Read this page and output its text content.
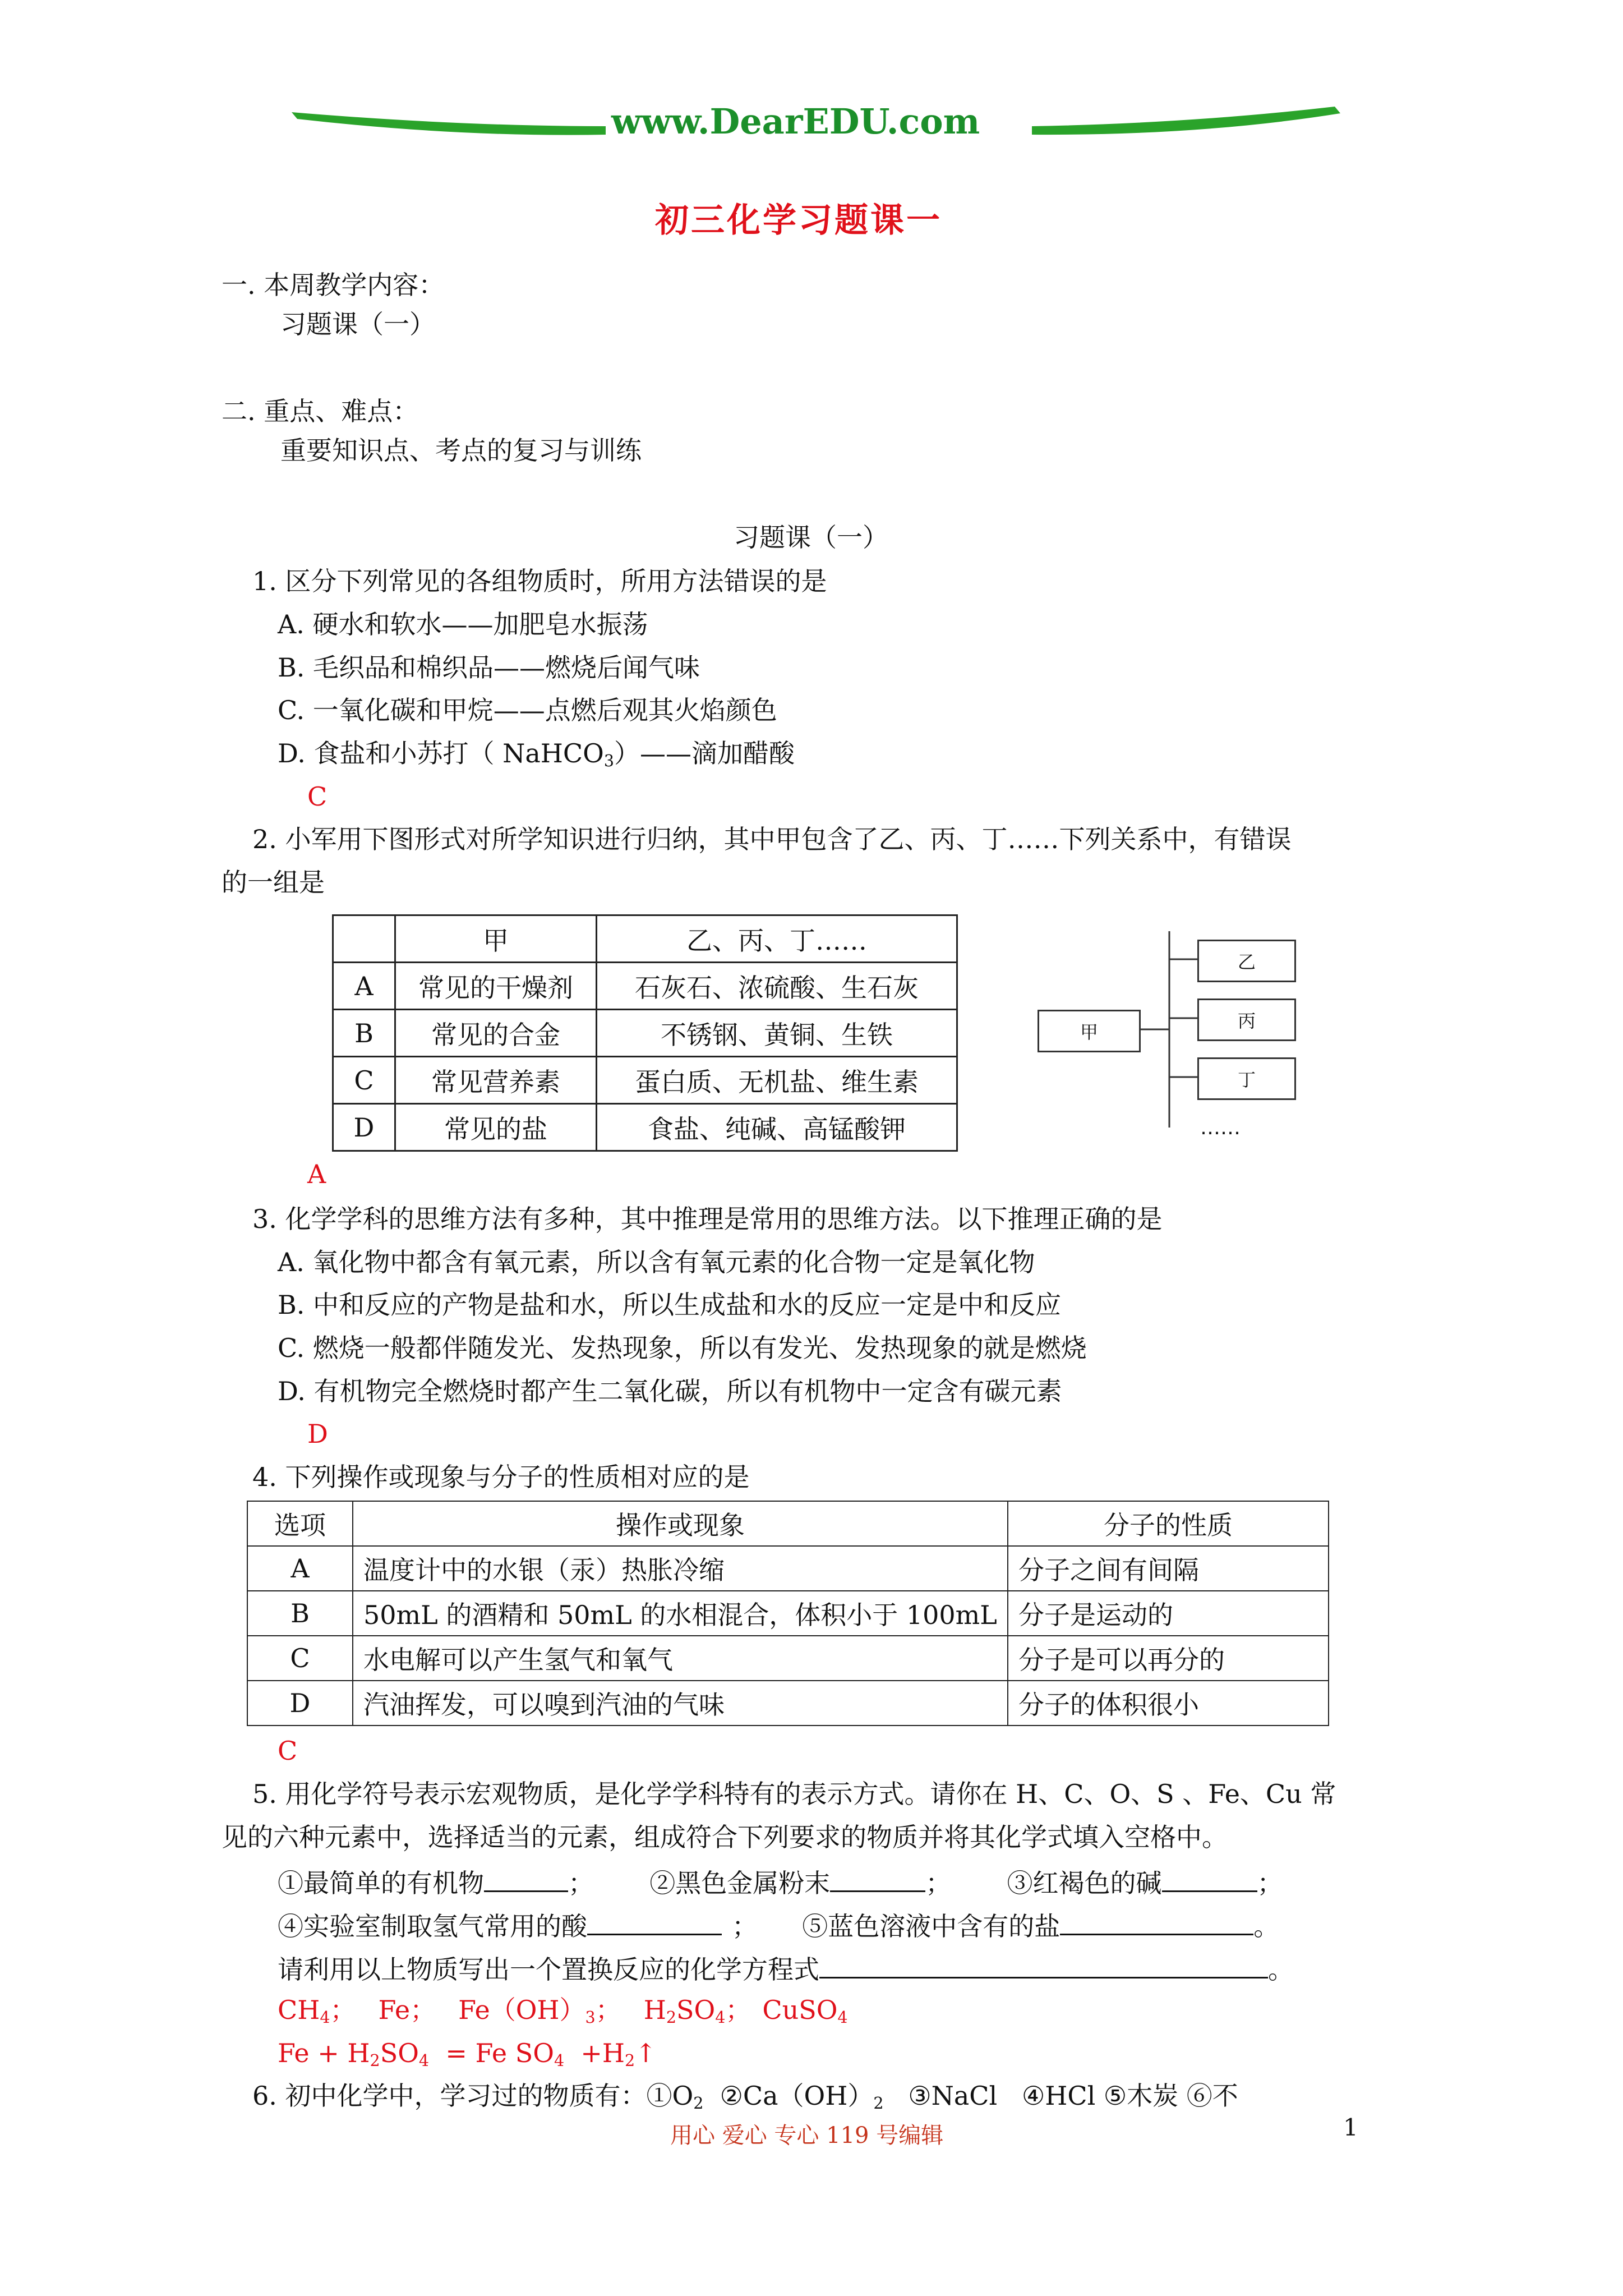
www.DearEDU.com
初三化学习题课一
一. 本周教学内容：
习题课（一）
二. 重点、难点：
重要知识点、考点的复习与训练
习题课（一）
1. 区分下列常见的各组物质时，所用方法错误的是
A. 硬水和软水——加肥皂水振荡
B. 毛织品和棉织品——燃烧后闻气味
C. 一氧化碳和甲烷——点燃后观其火焰颜色
D. 食盐和小苏打（ NaHCO$_3$）——滴加醋酸
C
2. 小军用下图形式对所学知识进行归纳，其中甲包含了乙、丙、丁……下列关系中，有错误
的一组是
	甲	乙、丙、丁……
A	常见的干燥剂	石灰石、浓硫酸、生石灰
B	常见的合金	不锈钢、黄铜、生铁
C	常见营养素	蛋白质、无机盐、维生素
D	常见的盐	食盐、纯碱、高锰酸钾
甲
乙
丙
丁
……
A
3. 化学学科的思维方法有多种，其中推理是常用的思维方法。以下推理正确的是
A. 氧化物中都含有氧元素，所以含有氧元素的化合物一定是氧化物
B. 中和反应的产物是盐和水，所以生成盐和水的反应一定是中和反应
C. 燃烧一般都伴随发光、发热现象，所以有发光、发热现象的就是燃烧
D. 有机物完全燃烧时都产生二氧化碳，所以有机物中一定含有碳元素
D
4. 下列操作或现象与分子的性质相对应的是
选项	操作或现象	分子的性质
A	温度计中的水银（汞）热胀冷缩	分子之间有间隔
B	50mL 的酒精和 50mL 的水相混合，体积小于 100mL	分子是运动的
C	水电解可以产生氢气和氧气	分子是可以再分的
D	汽油挥发，可以嗅到汽油的气味	分子的体积很小
C
5. 用化学符号表示宏观物质，是化学学科特有的表示方式。请你在 H、C、O、S 、Fe、Cu 常
见的六种元素中，选择适当的元素，组成符合下列要求的物质并将其化学式填入空格中。
①最简单的有机物	； ②黑色金属粉末	； ③红褐色的碱	；
④实验室制取氢气常用的酸	； ⑤蓝色溶液中含有的盐	。
请利用以上物质写出一个置换反应的化学方程式	。
$CH_4$； Fe； $Fe(OH)_3$； $H_2SO_4$； CuSO$_4$
$Fe + H_2SO_4 = Fe$ $SO_4$  $+H_2↑$
6. 初中化学中，学习过的物质有：$①O_2$  $②Ca(OH)_2$   ③NaCl   ④HCl ⑤木炭 ⑥不
用心 爱心 专心 119 号编辑	1
